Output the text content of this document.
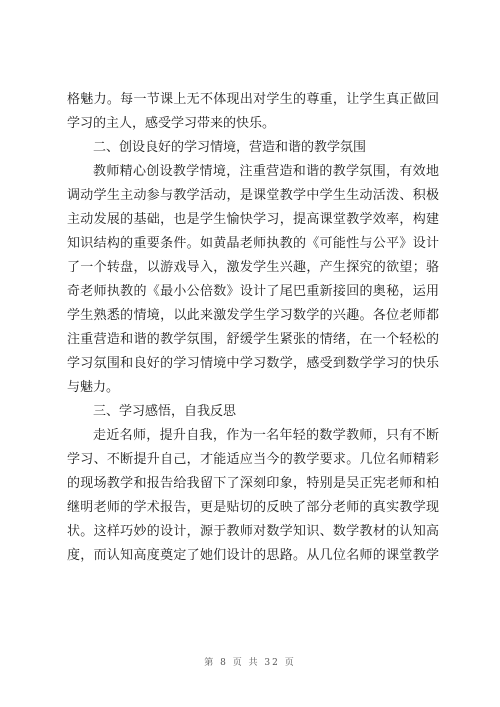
格魅力。每一节课上无不体现出对学生的尊重，让学生真正做回
学习的主人，感受学习带来的快乐。
二、创设良好的学习情境，营造和谐的教学氛围
教师精心创设教学情境，注重营造和谐的教学氛围，有效地
调动学生主动参与教学活动，是课堂教学中学生生动活泼、积极
主动发展的基础，也是学生愉快学习，提高课堂教学效率，构建
知识结构的重要条件。如黄晶老师执教的《可能性与公平》设计
了一个转盘，以游戏导入，激发学生兴趣，产生探究的欲望；骆
奇老师执教的《最小公倍数》设计了尾巴重新接回的奥秘，运用
学生熟悉的情境，以此来激发学生学习数学的兴趣。各位老师都
注重营造和谐的教学氛围，舒缓学生紧张的情绪，在一个轻松的
学习氛围和良好的学习情境中学习数学，感受到数学学习的快乐
与魅力。
三、学习感悟，自我反思
走近名师，提升自我，作为一名年轻的数学教师，只有不断
学习、不断提升自己，才能适应当今的教学要求。几位名师精彩
的现场教学和报告给我留下了深刻印象，特别是吴正宪老师和柏
继明老师的学术报告，更是贴切的反映了部分老师的真实教学现
状。这样巧妙的设计，源于教师对数学知识、数学教材的认知高
度，而认知高度奠定了她们设计的思路。从几位名师的课堂教学
第 8 页 共 32 页
